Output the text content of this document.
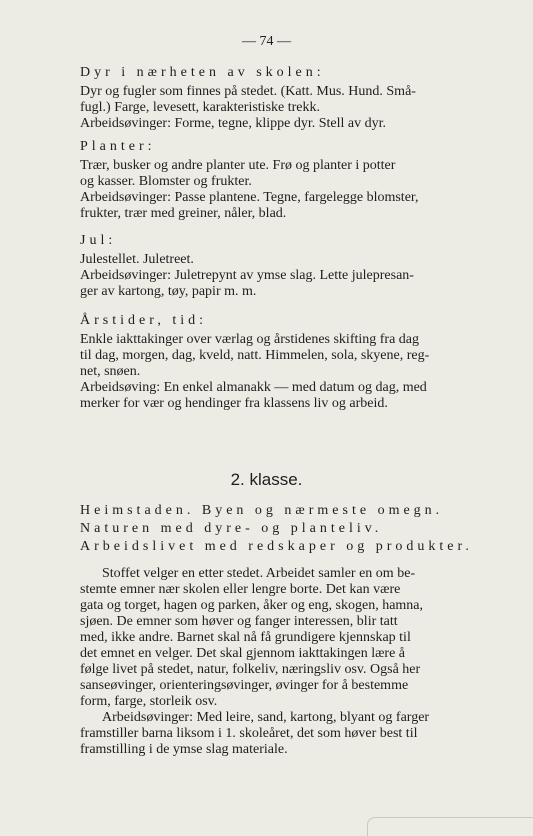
— 74 —
Dyr i nærheten av skolen:

Dyr og fugler som finnes på stedet. (Katt. Mus. Hund. Små-

fugl.) Farge, levesett, karakteristiske trekk.

Arbeidsøvinger: Forme, tegne, klippe dyr. Stell av dyr.

Planter:

Trær, busker og andre planter ute. Frø og planter i potter

og kasser. Blomster og frukter.

Arbeidsøvinger: Passe plantene. Tegne, fargelegge blomster,

frukter, trær med greiner, nåler, blad.

Jul:

Julestellet. Juletreet.

Arbeidsøvinger: Juletrepynt av ymse slag. Lette julepresan-

ger av kartong, tøy, papir m. m.

Årstider, tid:

Enkle iakttakinger over værlag og årstidenes skifting fra dag

til dag, morgen, dag, kveld, natt. Himmelen, sola, skyene, reg-

net, snøen.

Arbeidsøving: En enkel almanakk — med datum og dag, med

merker for vær og hendinger fra klassens liv og arbeid.

2. klasse.
Heimstaden. Byen og nærmeste omegn.
Naturen med dyre- og planteliv.
Arbeidslivet med redskaper og produkter.

Stoffet velger en etter stedet. Arbeidet samler en om be-

stemte emner nær skolen eller lengre borte. Det kan være

gata og torget, hagen og parken, åker og eng, skogen, hamna,

sjøen. De emner som høver og fanger interessen, blir tatt

med, ikke andre. Barnet skal nå få grundigere kjennskap til

det emnet en velger. Det skal gjennom iakttakingen lære å

følge livet på stedet, natur, folkeliv, næringsliv osv. Også her

sanseøvinger, orienteringsøvinger, øvinger for å bestemme

form, farge, storleik osv.

Arbeidsøvinger: Med leire, sand, kartong, blyant og farger

framstiller barna liksom i 1. skoleåret, det som høver best til

framstilling i de ymse slag materiale.
